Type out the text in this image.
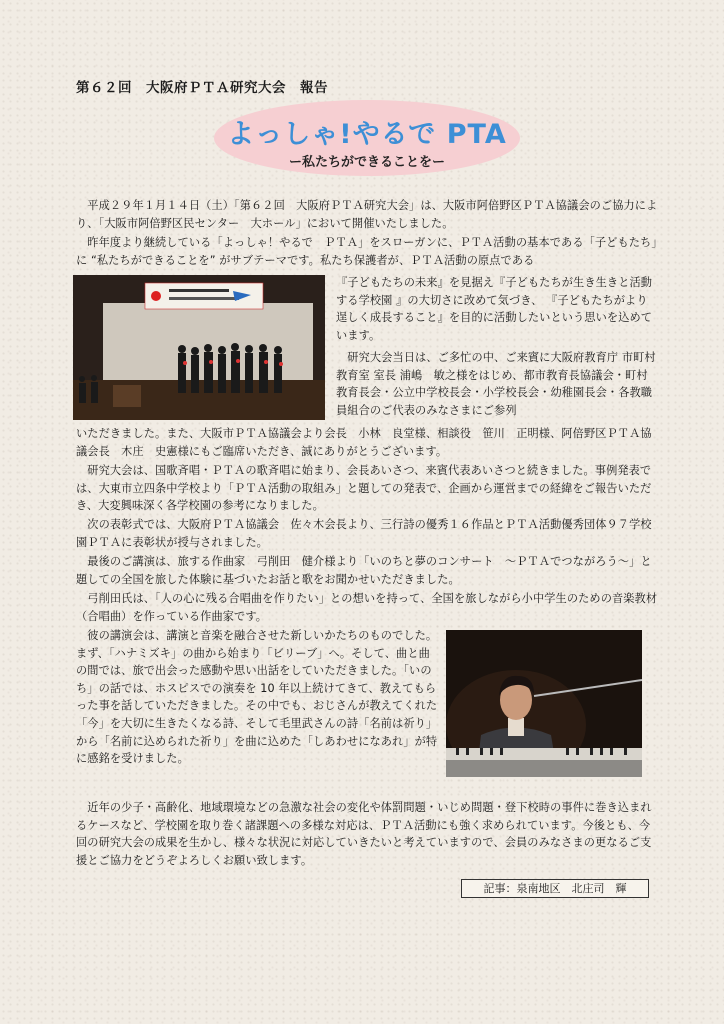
第６２回　大阪府ＰＴＡ研究大会　報告
よっしゃ!やるで PTA
ー私たちができることをー
　平成２９年１月１４日（土）「第６２回　大阪府ＰＴＡ研究大会」は、大阪市阿倍野区ＰＴＡ協議会のご協力により、「大阪市阿倍野区民センター　大ホール」において開催いたしました。
　昨年度より継続している「よっしゃ！やるで　ＰＴＡ」をスローガンに、ＰＴＡ活動の基本である「子どもたち」に “私たちができることを” がサブテーマです。私たち保護者が、ＰＴＡ活動の原点である
『子どもたちの未来』を見据え『子どもたちが生き生きと活動する学校園 』の大切さに改めて気づき、 『子どもたちがより逞しく成長すること』を目的に活動したいという思いを込めています。
　研究大会当日は、ご多忙の中、ご来賓に大阪府教育庁 市町村教育室 室長 浦嶋　敏之様をはじめ、都市教育長協議会・町村教育長会・公立中学校長会・小学校長会・幼稚園長会・各教職員組合のご代表のみなさまにご参列
いただきました。また、大阪市ＰＴＡ協議会より会長　小林　良堂様、相談役　笹川　正明様、阿倍野区ＰＴＡ協議会長　木庄　史憲様にもご臨席いただき、誠にありがとうございます。
　研究大会は、国歌斉唱・ＰＴＡの歌斉唱に始まり、会長あいさつ、来賓代表あいさつと続きました。事例発表では、大東市立四条中学校より「ＰＴＡ活動の取組み」と題しての発表で、企画から運営までの経緯をご報告いただき、大変興味深く各学校園の参考になりました。
　次の表彰式では、大阪府ＰＴＡ協議会　佐々木会長より、三行詩の優秀１６作品とＰＴＡ活動優秀団体９７学校園ＰＴＡに表彰状が授与されました。
　最後のご講演は、旅する作曲家　弓削田　健介様より「いのちと夢のコンサート　～ＰＴＡでつながろう～」と題しての全国を旅した体験に基づいたお話と歌をお聞かせいただきました。
　弓削田氏は、「人の心に残る合唱曲を作りたい」との想いを持って、全国を旅しながら小中学生のための音楽教材（合唱曲）を作っている作曲家です。
　彼の講演会は、講演と音楽を融合させた新しいかたちのものでした。まず、「ハナミズキ」の曲から始まり「ビリーブ」へ。そして、曲と曲の間では、旅で出会った感動や思い出話をしていただきました。「いのち」の話では、ホスピスでの演奏を 10 年以上続けてきて、教えてもらった事を話していただきました。その中でも、おじさんが教えてくれた「今」を大切に生きたくなる詩、そして毛里武さんの詩「名前は祈り」から「名前に込められた祈り」を曲に込めた「しあわせになあれ」が特に感銘を受けました。
　近年の少子・高齢化、地域環境などの急激な社会の変化や体罰問題・いじめ問題・登下校時の事件に巻き込まれるケースなど、学校園を取り巻く諸課題への多様な対応は、ＰＴＡ活動にも強く求められています。今後とも、今回の研究大会の成果を生かし、様々な状況に対応していきたいと考えていますので、会員のみなさまの更なるご支援とご協力をどうぞよろしくお願い致します。
記事：泉南地区　北庄司　輝
